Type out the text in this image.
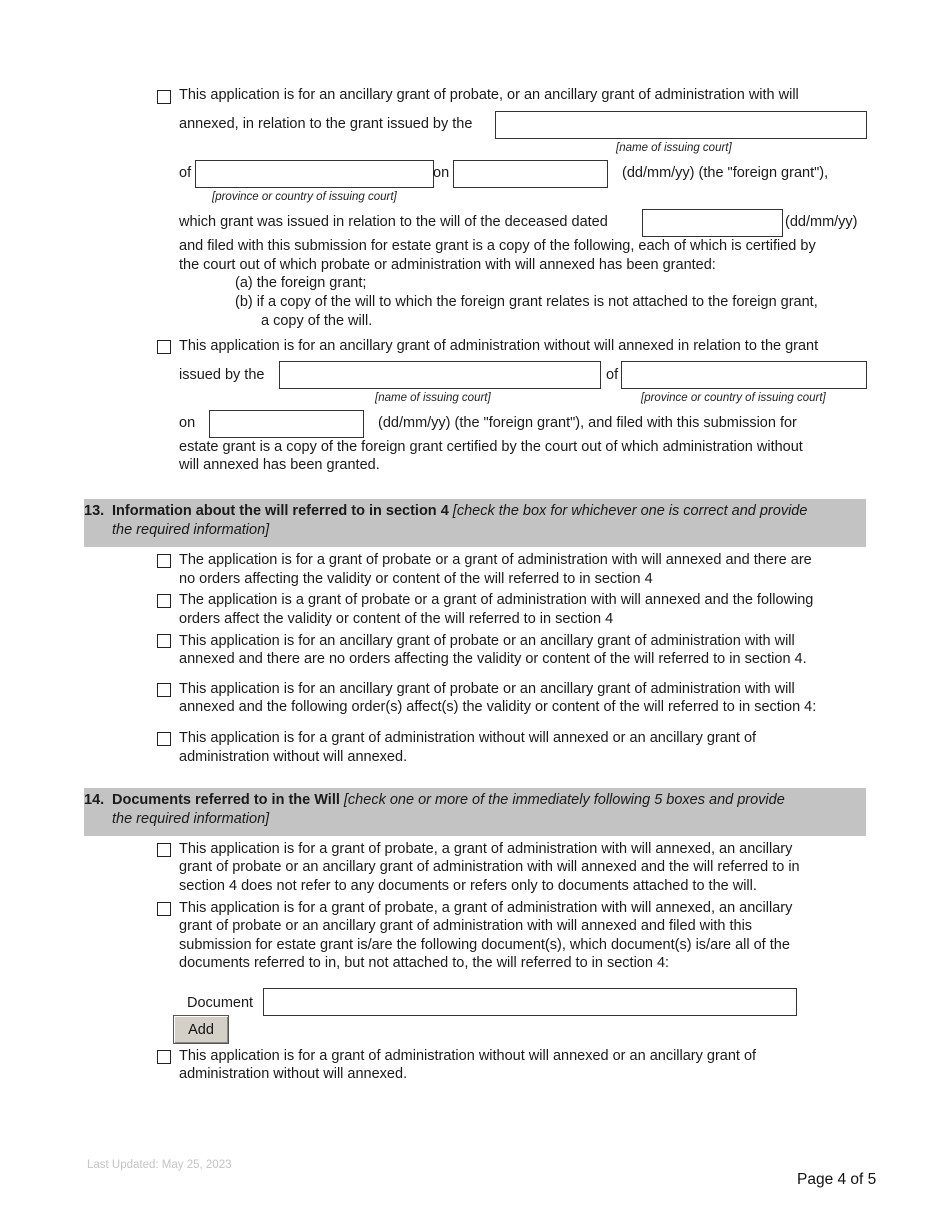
This application is for an ancillary grant of probate, or an ancillary grant of administration with will
annexed, in relation to the grant issued by the
[name of issuing court]
of	on	(dd/mm/yy) (the "foreign grant"),
[province or country of issuing court]
which grant was issued in relation to the will of the deceased dated	(dd/mm/yy)
and filed with this submission for estate grant is a copy of the following, each of which is certified by
the court out of which probate or administration with will annexed has been granted:
(a) the foreign grant;
(b) if a copy of the will to which the foreign grant relates is not attached to the foreign grant,
a copy of the will.
This application is for an ancillary grant of administration without will annexed in relation to the grant
issued by the	of
[name of issuing court]	[province or country of issuing court]
on	(dd/mm/yy) (the "foreign grant"), and filed with this submission for
estate grant is a copy of the foreign grant certified by the court out of which administration without
will annexed has been granted.
13. Information about the will referred to in section 4 [check the box for whichever one is correct and provide
the required information]
The application is for a grant of probate or a grant of administration with will annexed and there are
no orders affecting the validity or content of the will referred to in section 4
The application is a grant of probate or a grant of administration with will annexed and the following
orders affect the validity or content of the will referred to in section 4
This application is for an ancillary grant of probate or an ancillary grant of administration with will
annexed and there are no orders affecting the validity or content of the will referred to in section 4.
This application is for an ancillary grant of probate or an ancillary grant of administration with will
annexed and the following order(s) affect(s) the validity or content of the will referred to in section 4:
This application is for a grant of administration without will annexed or an ancillary grant of
administration without will annexed.
14. Documents referred to in the Will [check one or more of the immediately following 5 boxes and provide
the required information]
This application is for a grant of probate, a grant of administration with will annexed, an ancillary
grant of probate or an ancillary grant of administration with will annexed and the will referred to in
section 4 does not refer to any documents or refers only to documents attached to the will.
This application is for a grant of probate, a grant of administration with will annexed, an ancillary
grant of probate or an ancillary grant of administration with will annexed and filed with this
submission for estate grant is/are the following document(s), which document(s) is/are all of the
documents referred to in, but not attached to, the will referred to in section 4:
Document
Add
This application is for a grant of administration without will annexed or an ancillary grant of
administration without will annexed.
Last Updated: May 25, 2023
Page 4 of 5
